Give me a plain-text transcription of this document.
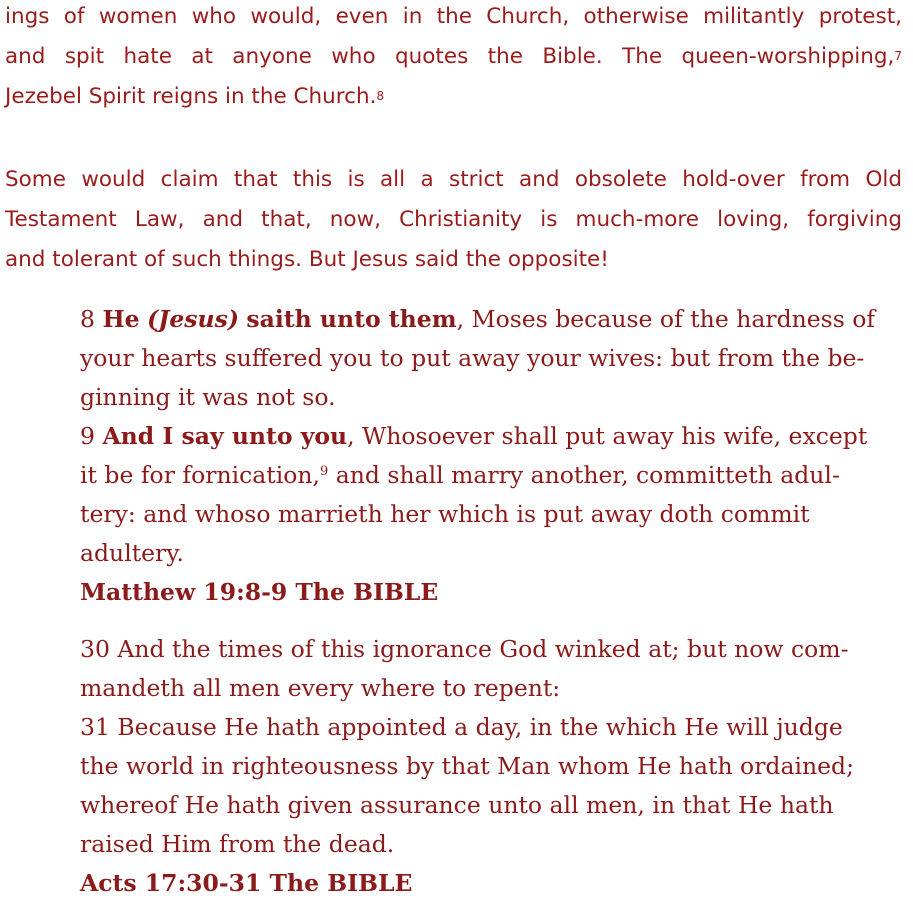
ings of women who would, even in the Church, otherwise militantly protest,
and spit hate at anyone who quotes the Bible. The queen-worshipping,$^7$
Jezebel Spirit reigns in the Church.$^8$
Some would claim that this is all a strict and obsolete hold-over from Old
Testament Law, and that, now, Christianity is much-more loving, forgiving
and tolerant of such things. But Jesus said the opposite!
8 He (Jesus) saith unto them, Moses because of the hardness of
your hearts suffered you to put away your wives: but from the be-
ginning it was not so.
9 And I say unto you, Whosoever shall put away his wife, except
it be for fornication,$^9$ and shall marry another, committeth adul-
tery: and whoso marrieth her which is put away doth commit
adultery.
Matthew 19:8-9 The BIBLE
30 And the times of this ignorance God winked at; but now com-
mandeth all men every where to repent:
31 Because He hath appointed a day, in the which He will judge
the world in righteousness by that Man whom He hath ordained;
whereof He hath given assurance unto all men, in that He hath
raised Him from the dead.
Acts 17:30-31 The BIBLE
